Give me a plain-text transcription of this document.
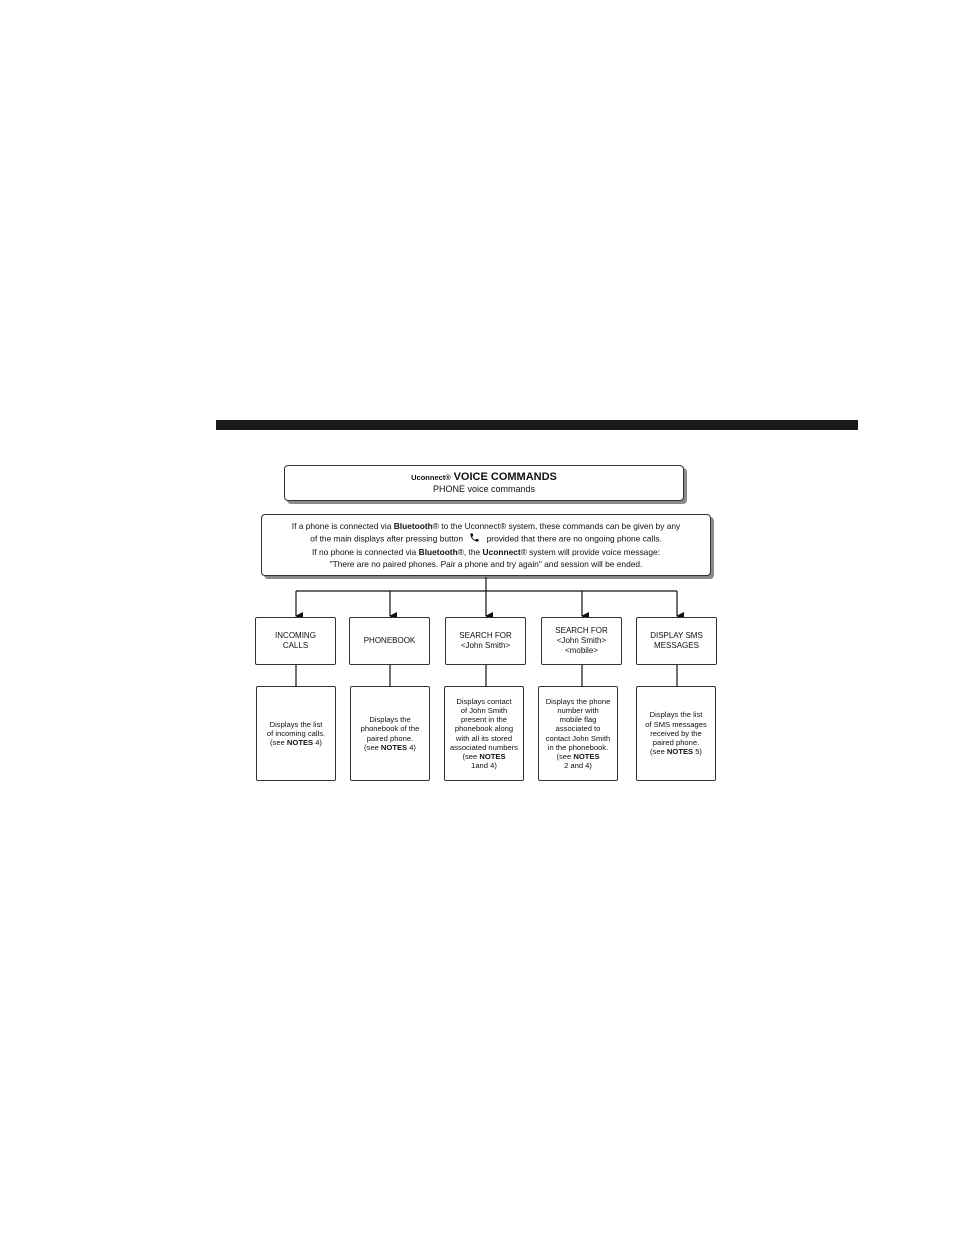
Uconnect® VOICE COMMANDS
PHONE voice commands
If a phone is connected via Bluetooth® to the Uconnect® system, these commands can be given by any
of the main displays after pressing button	provided that there are no ongoing phone calls.
If no phone is connected via Bluetooth®, the Uconnect® system will provide voice message:
"There are no paired phones. Pair a phone and try again" and session will be ended.
INCOMING
CALLS
PHONEBOOK
SEARCH FOR
<John Smith>
SEARCH FOR
<John Smith>
<mobile>
DISPLAY SMS
MESSAGES
Displays the list
of incoming calls.
(see NOTES 4)
Displays the
phonebook of the
paired phone.
(see NOTES 4)
Displays contact
of John Smith
present in the
phonebook along
with all its stored
associated numbers
(see NOTES
1and 4)
Displays the phone
number with
mobile flag
associated to
contact John Smith
in the phonebook.
(see NOTES
2 and 4)
Displays the list
of SMS messages
received by the
paired phone.
(see NOTES 5)
